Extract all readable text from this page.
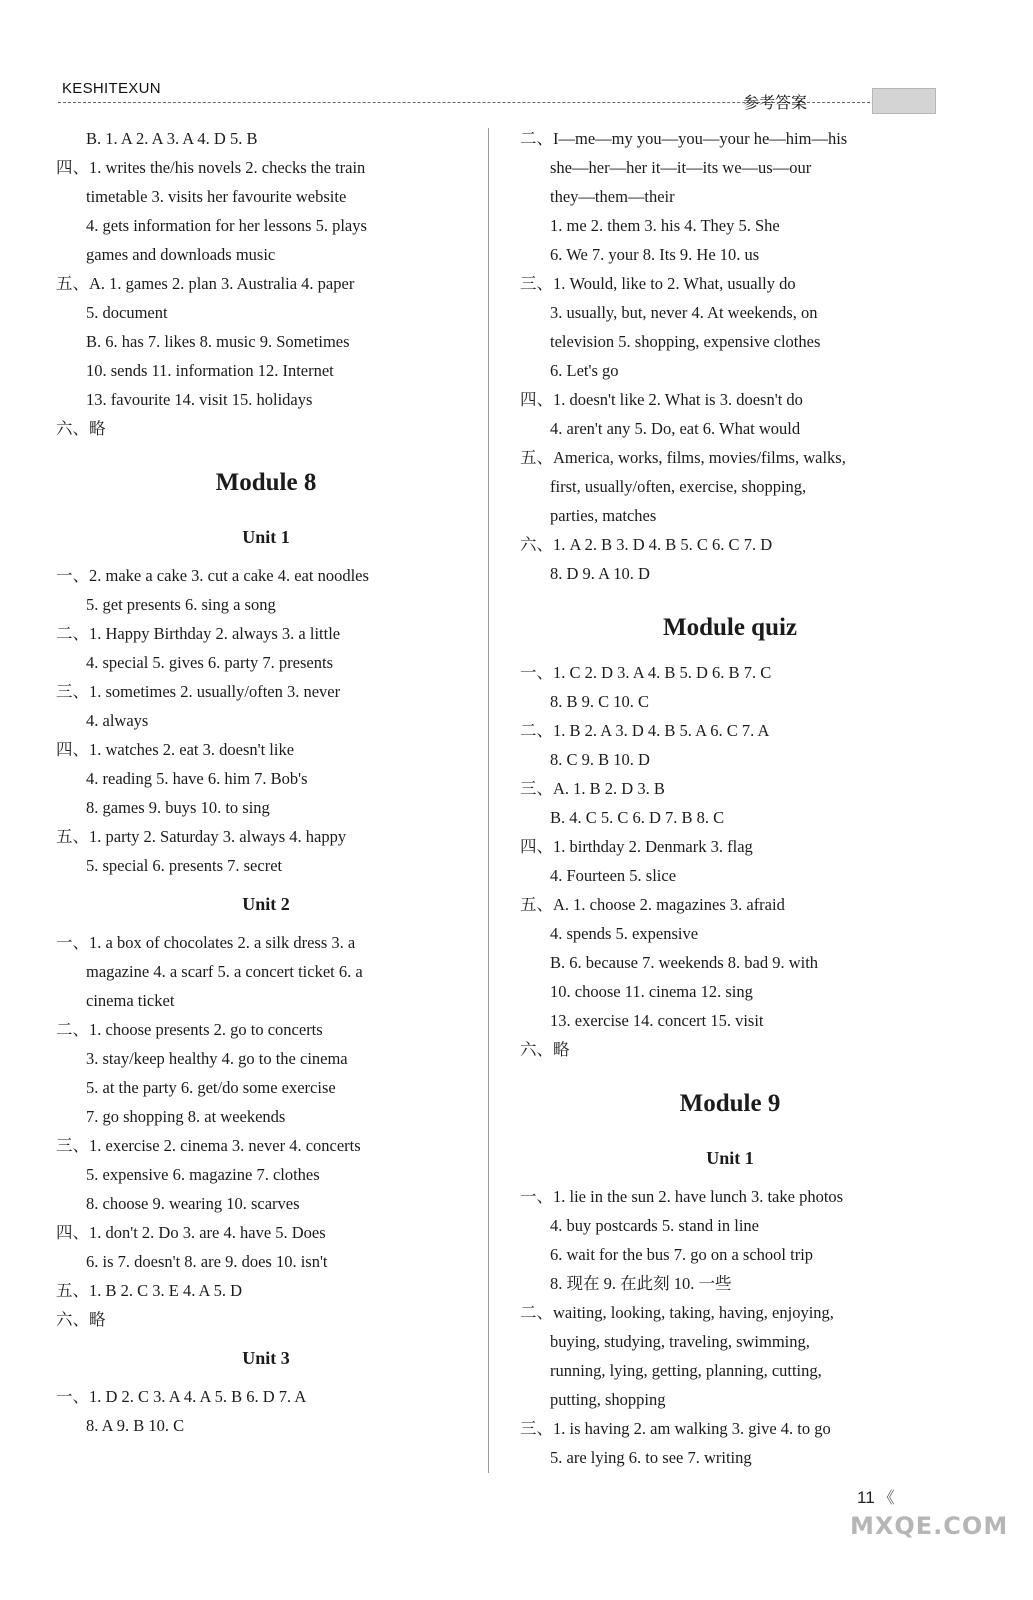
KESHITEXUN
参考答案
B. 1. A 2. A 3. A 4. D 5. B
四、1. writes the/his novels 2. checks the train
timetable 3. visits her favourite website
4. gets information for her lessons 5. plays
games and downloads music
五、A. 1. games 2. plan 3. Australia 4. paper
5. document
B. 6. has 7. likes 8. music 9. Sometimes
10. sends 11. information 12. Internet
13. favourite 14. visit 15. holidays
六、略
Module 8
Unit 1
一、2. make a cake 3. cut a cake 4. eat noodles
5. get presents 6. sing a song
二、1. Happy Birthday 2. always 3. a little
4. special 5. gives 6. party 7. presents
三、1. sometimes 2. usually/often 3. never
4. always
四、1. watches 2. eat 3. doesn't like
4. reading 5. have 6. him 7. Bob's
8. games 9. buys 10. to sing
五、1. party 2. Saturday 3. always 4. happy
5. special 6. presents 7. secret
Unit 2
一、1. a box of chocolates 2. a silk dress 3. a
magazine 4. a scarf 5. a concert ticket 6. a
cinema ticket
二、1. choose presents 2. go to concerts
3. stay/keep healthy 4. go to the cinema
5. at the party 6. get/do some exercise
7. go shopping 8. at weekends
三、1. exercise 2. cinema 3. never 4. concerts
5. expensive 6. magazine 7. clothes
8. choose 9. wearing 10. scarves
四、1. don't 2. Do 3. are 4. have 5. Does
6. is 7. doesn't 8. are 9. does 10. isn't
五、1. B 2. C 3. E 4. A 5. D
六、略
Unit 3
一、1. D 2. C 3. A 4. A 5. B 6. D 7. A
8. A 9. B 10. C
二、I—me—my you—you—your he—him—his
she—her—her it—it—its we—us—our
they—them—their
1. me 2. them 3. his 4. They 5. She
6. We 7. your 8. Its 9. He 10. us
三、1. Would, like to 2. What, usually do
3. usually, but, never 4. At weekends, on
television 5. shopping, expensive clothes
6. Let's go
四、1. doesn't like 2. What is 3. doesn't do
4. aren't any 5. Do, eat 6. What would
五、America, works, films, movies/films, walks,
first, usually/often, exercise, shopping,
parties, matches
六、1. A 2. B 3. D 4. B 5. C 6. C 7. D
8. D 9. A 10. D
Module quiz
一、1. C 2. D 3. A 4. B 5. D 6. B 7. C
8. B 9. C 10. C
二、1. B 2. A 3. D 4. B 5. A 6. C 7. A
8. C 9. B 10. D
三、A. 1. B 2. D 3. B
B. 4. C 5. C 6. D 7. B 8. C
四、1. birthday 2. Denmark 3. flag
4. Fourteen 5. slice
五、A. 1. choose 2. magazines 3. afraid
4. spends 5. expensive
B. 6. because 7. weekends 8. bad 9. with
10. choose 11. cinema 12. sing
13. exercise 14. concert 15. visit
六、略
Module 9
Unit 1
一、1. lie in the sun 2. have lunch 3. take photos
4. buy postcards 5. stand in line
6. wait for the bus 7. go on a school trip
8. 现在 9. 在此刻 10. 一些
二、waiting, looking, taking, having, enjoying,
buying, studying, traveling, swimming,
running, lying, getting, planning, cutting,
putting, shopping
三、1. is having 2. am walking 3. give 4. to go
5. are lying 6. to see 7. writing
11 《
MXQE.COM
